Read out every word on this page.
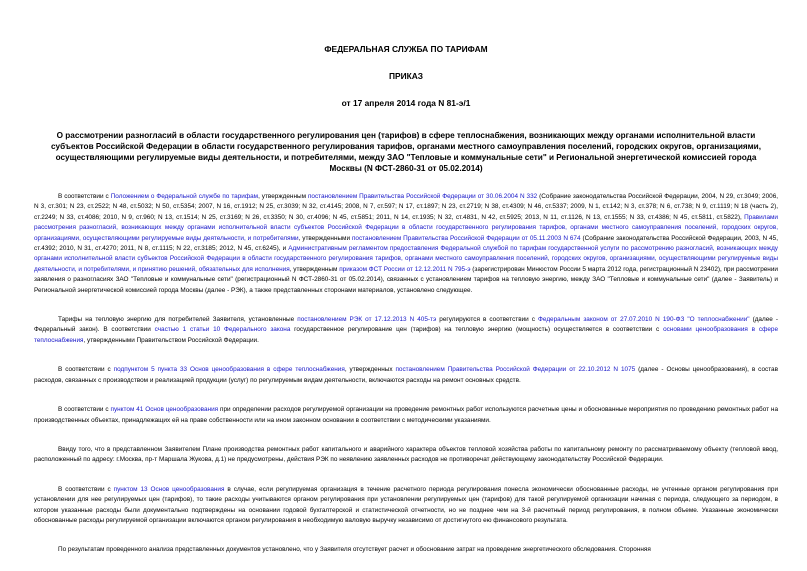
ФЕДЕРАЛЬНАЯ СЛУЖБА ПО ТАРИФАМ

ПРИКАЗ

от 17 апреля 2014 года N 81-э/1

О рассмотрении разногласий в области государственного регулирования цен (тарифов) в сфере теплоснабжения, возникающих между органами исполнительной власти субъектов Российской Федерации в области государственного регулирования тарифов, органами местного самоуправления поселений, городских округов, организациями, осуществляющими регулируемые виды деятельности, и потребителями, между ЗАО "Тепловые и коммунальные сети" и Региональной энергетической комиссией города Москвы (N ФСТ-2860-31 от 05.02.2014)

В соответствии с Положением о Федеральной службе по тарифам, утвержденным постановлением Правительства Российской Федерации от 30.06.2004 N 332 (Собрание законодательства Российской Федерации, 2004, N 29, ст.3049; 2006, N 3, ст.301; N 23, ст.2522; N 48, ст.5032; N 50, ст.5354; 2007, N 16, ст.1912; N 25, ст.3039; N 32, ст.4145; 2008, N 7, ст.597; N 17, ст.1897; N 23, ст.2719; N 38, ст.4309; N 46, ст.5337; 2009, N 1, ст.142; N 3, ст.378; N 6, ст.738; N 9, ст.1119; N 18 (часть 2), ст.2249; N 33, ст.4086; 2010, N 9, ст.960; N 13, ст.1514; N 25, ст.3169; N 26, ст.3350; N 30, ст.4096; N 45, ст.5851; 2011, N 14, ст.1935; N 32, ст.4831, N 42, ст.5925; 2013, N 11, ст.1126, N 13, ст.1555; N 33, ст.4386; N 45, ст.5811, ст.5822), Правилами рассмотрения разногласий, возникающих между органами исполнительной власти субъектов Российской Федерации в области государственного регулирования тарифов, органами местного самоуправления поселений, городских округов, организациями, осуществляющими регулируемые виды деятельности, и потребителями, утвержденными постановлением Правительства Российской Федерации от 05.11.2003 N 674 (Собрание законодательства Российской Федерации, 2003, N 45, ст.4392; 2010, N 31, ст.4270; 2011, N 8, ст.1115; N 22, ст.3185; 2012, N 45, ст.6245), и Административным регламентом предоставления Федеральной службой по тарифам государственной услуги по рассмотрению разногласий, возникающих между органами исполнительной власти субъектов Российской Федерации в области государственного регулирования тарифов, органами местного самоуправления поселений, городских округов, организациями, осуществляющими регулируемые виды деятельности, и потребителями, и принятию решений, обязательных для исполнения, утвержденным приказом ФСТ России от 12.12.2011 N 795-э (зарегистрирован Минюстом России 5 марта 2012 года, регистрационный N 23402), при рассмотрении заявления о разногласиях ЗАО "Тепловые и коммунальные сети" (регистрационный N ФСТ-2860-31 от 05.02.2014), связанных с установлением тарифов на тепловую энергию, между ЗАО "Тепловые и коммунальные сети" (далее - Заявитель) и Региональной энергетической комиссией города Москвы (далее - РЭК), а также представленных сторонами материалов, установлено следующее.

Тарифы на тепловую энергию для потребителей Заявителя, установленные постановлением РЭК от 17.12.2013 N 405-тэ регулируются в соответствии с Федеральным законом от 27.07.2010 N 190-ФЗ "О теплоснабжении" (далее - Федеральный закон). В соответствии счастью 1 статьи 10 Федерального закона государственное регулирование цен (тарифов) на тепловую энергию (мощность) осуществляется в соответствии с основами ценообразования в сфере теплоснабжения, утвержденными Правительством Российской Федерации.

В соответствии с подпунктом 5 пункта 33 Основ ценообразования в сфере теплоснабжения, утвержденных постановлением Правительства Российской Федерации от 22.10.2012 N 1075 (далее - Основы ценообразования), в состав расходов, связанных с производством и реализацией продукции (услуг) по регулируемым видам деятельности, включаются расходы на ремонт основных средств.

В соответствии с пунктом 41 Основ ценообразования при определении расходов регулируемой организации на проведение ремонтных работ используются расчетные цены и обоснованные мероприятия по проведению ремонтных работ на производственных объектах, принадлежащих ей на праве собственности или на ином законном основании в соответствии с методическими указаниями.

Ввиду того, что в представленном Заявителем Плане производства ремонтных работ капитального и аварийного характера объектов тепловой хозяйства работы по капитальному ремонту по рассматриваемому объекту (тепловой ввод, расположенный по адресу: г.Москва, пр-т Маршала Жукова, д.1) не предусмотрены, действия РЭК по неявлению заявленных расходов не противоречат действующему законодательству Российской Федерации.

В соответствии с пунктом 13 Основ ценообразования в случае, если регулируемая организация в течение расчетного периода регулирования понесла экономически обоснованные расходы, не учтенные органом регулирования при установлении для нее регулируемых цен (тарифов), то такие расходы учитываются органом регулирования при установлении регулируемых цен (тарифов) для такой регулируемой организации начиная с периода, следующего за периодом, в котором указанные расходы были документально подтверждены на основании годовой бухгалтерской и статистической отчетности, но не позднее чем на 3-й расчетный период регулирования, в полном объеме. Указанные экономически обоснованные расходы регулируемой организации включаются органом регулирования в необходимую валовую выручку независимо от достигнутого ею финансового результата.

По результатам проведенного анализа представленных документов установлено, что у Заявителя отсутствует расчет и обоснование затрат на проведение энергетического обследования. Сторонняя
